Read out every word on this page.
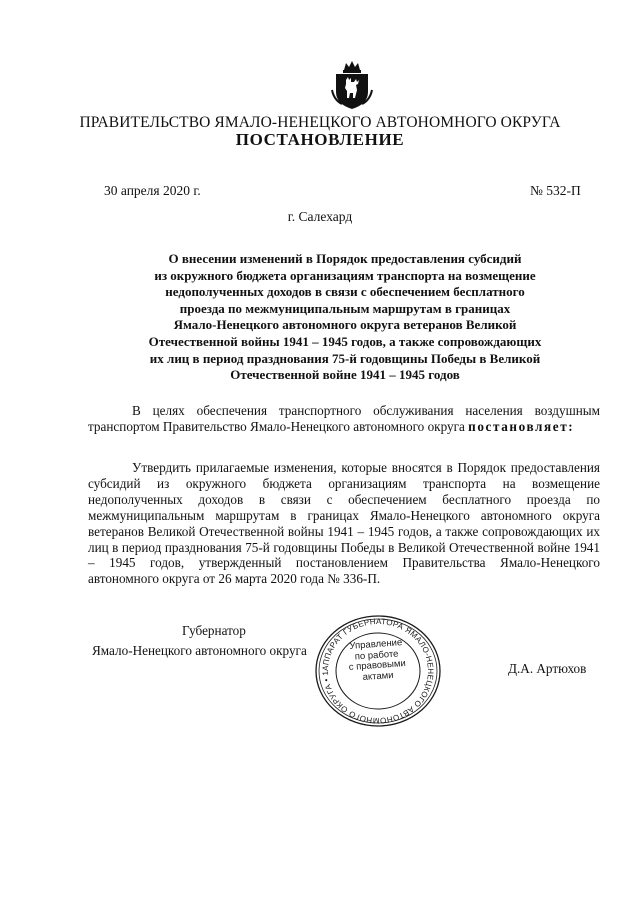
ПРАВИТЕЛЬСТВО ЯМАЛО-НЕНЕЦКОГО АВТОНОМНОГО ОКРУГА
ПОСТАНОВЛЕНИЕ
30 апреля 2020 г.	№ 532-П
г. Салехард
О внесении изменений в Порядок предоставления субсидий
из окружного бюджета организациям транспорта на возмещение
недополученных доходов в связи с обеспечением бесплатного
проезда по межмуниципальным маршрутам в границах
Ямало-Ненецкого автономного округа ветеранов Великой
Отечественной войны 1941 – 1945 годов, а также сопровождающих
их лиц в период празднования 75-й годовщины Победы в Великой
Отечественной войне 1941 – 1945 годов
В целях обеспечения транспортного обслуживания населения воздушным транспортом Правительство Ямало-Ненецкого автономного округа постановляет:
Утвердить прилагаемые изменения, которые вносятся в Порядок предоставления субсидий из окружного бюджета организациям транспорта на возмещение недополученных доходов в связи с обеспечением бесплатного проезда по межмуниципальным маршрутам в границах Ямало-Ненецкого автономного округа ветеранов Великой Отечественной войны 1941 – 1945 годов, а также сопровождающих их лиц в период празднования 75-й годовщины Победы в Великой Отечественной войне 1941 – 1945 годов, утвержденный постановлением Правительства Ямало-Ненецкого автономного округа от 26 марта 2020 года № 336-П.
Губернатор
Ямало-Ненецкого автономного округа
Д.А. Артюхов
АППАРАТ ГУБЕРНАТОРА ЯМАЛО-НЕНЕЦКОГО АВТОНОМНОГО ОКРУГА • 1
Управление
по работе
с правовыми
актами
